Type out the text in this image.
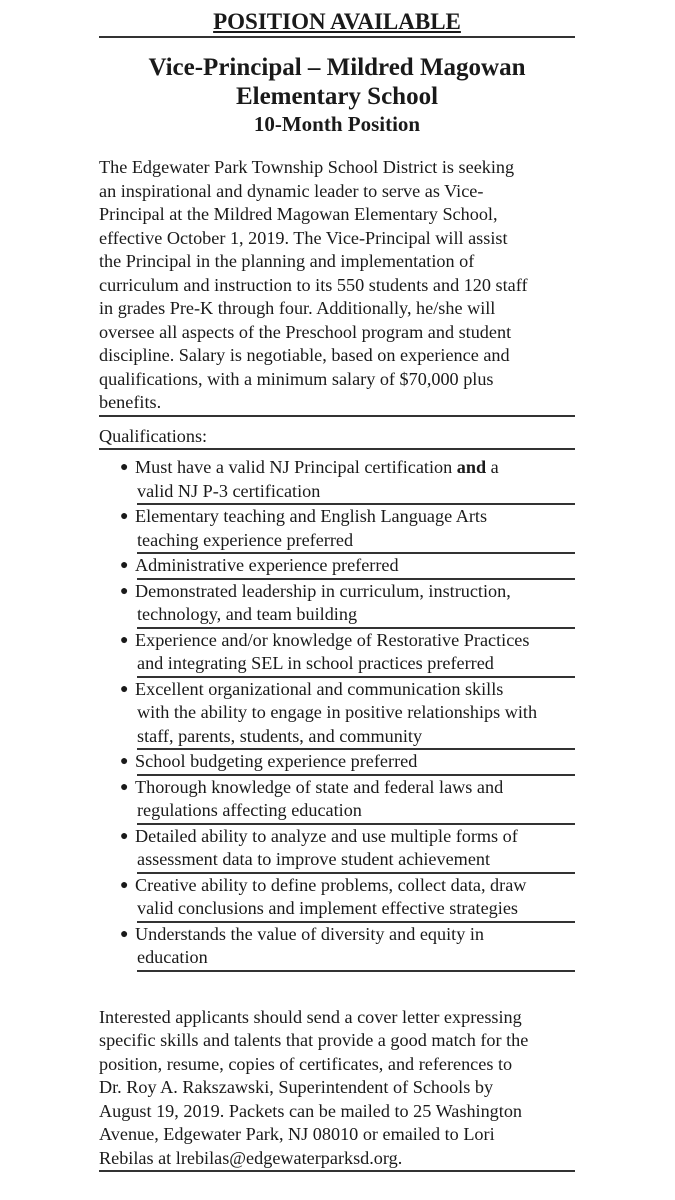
POSITION AVAILABLE
Vice-Principal – Mildred Magowan
Elementary School
10-Month Position
The Edgewater Park Township School District is seeking
an inspirational and dynamic leader to serve as Vice-
Principal at the Mildred Magowan Elementary School,
effective October 1, 2019. The Vice-Principal will assist
the Principal in the planning and implementation of
curriculum and instruction to its 550 students and 120 staff
in grades Pre-K through four. Additionally, he/she will
oversee all aspects of the Preschool program and student
discipline. Salary is negotiable, based on experience and
qualifications, with a minimum salary of $70,000 plus
benefits.
Qualifications:
● Must have a valid NJ Principal certification and a
valid NJ P-3 certification
● Elementary teaching and English Language Arts
teaching experience preferred
● Administrative experience preferred
● Demonstrated leadership in curriculum, instruction,
technology, and team building
● Experience and/or knowledge of Restorative Practices
and integrating SEL in school practices preferred
● Excellent organizational and communication skills
with the ability to engage in positive relationships with
staff, parents, students, and community
● School budgeting experience preferred
● Thorough knowledge of state and federal laws and
regulations affecting education
● Detailed ability to analyze and use multiple forms of
assessment data to improve student achievement
● Creative ability to define problems, collect data, draw
valid conclusions and implement effective strategies
● Understands the value of diversity and equity in
education
Interested applicants should send a cover letter expressing
specific skills and talents that provide a good match for the
position, resume, copies of certificates, and references to
Dr. Roy A. Rakszawski, Superintendent of Schools by
August 19, 2019. Packets can be mailed to 25 Washington
Avenue, Edgewater Park, NJ 08010 or emailed to Lori
Rebilas at lrebilas@edgewaterparksd.org.
